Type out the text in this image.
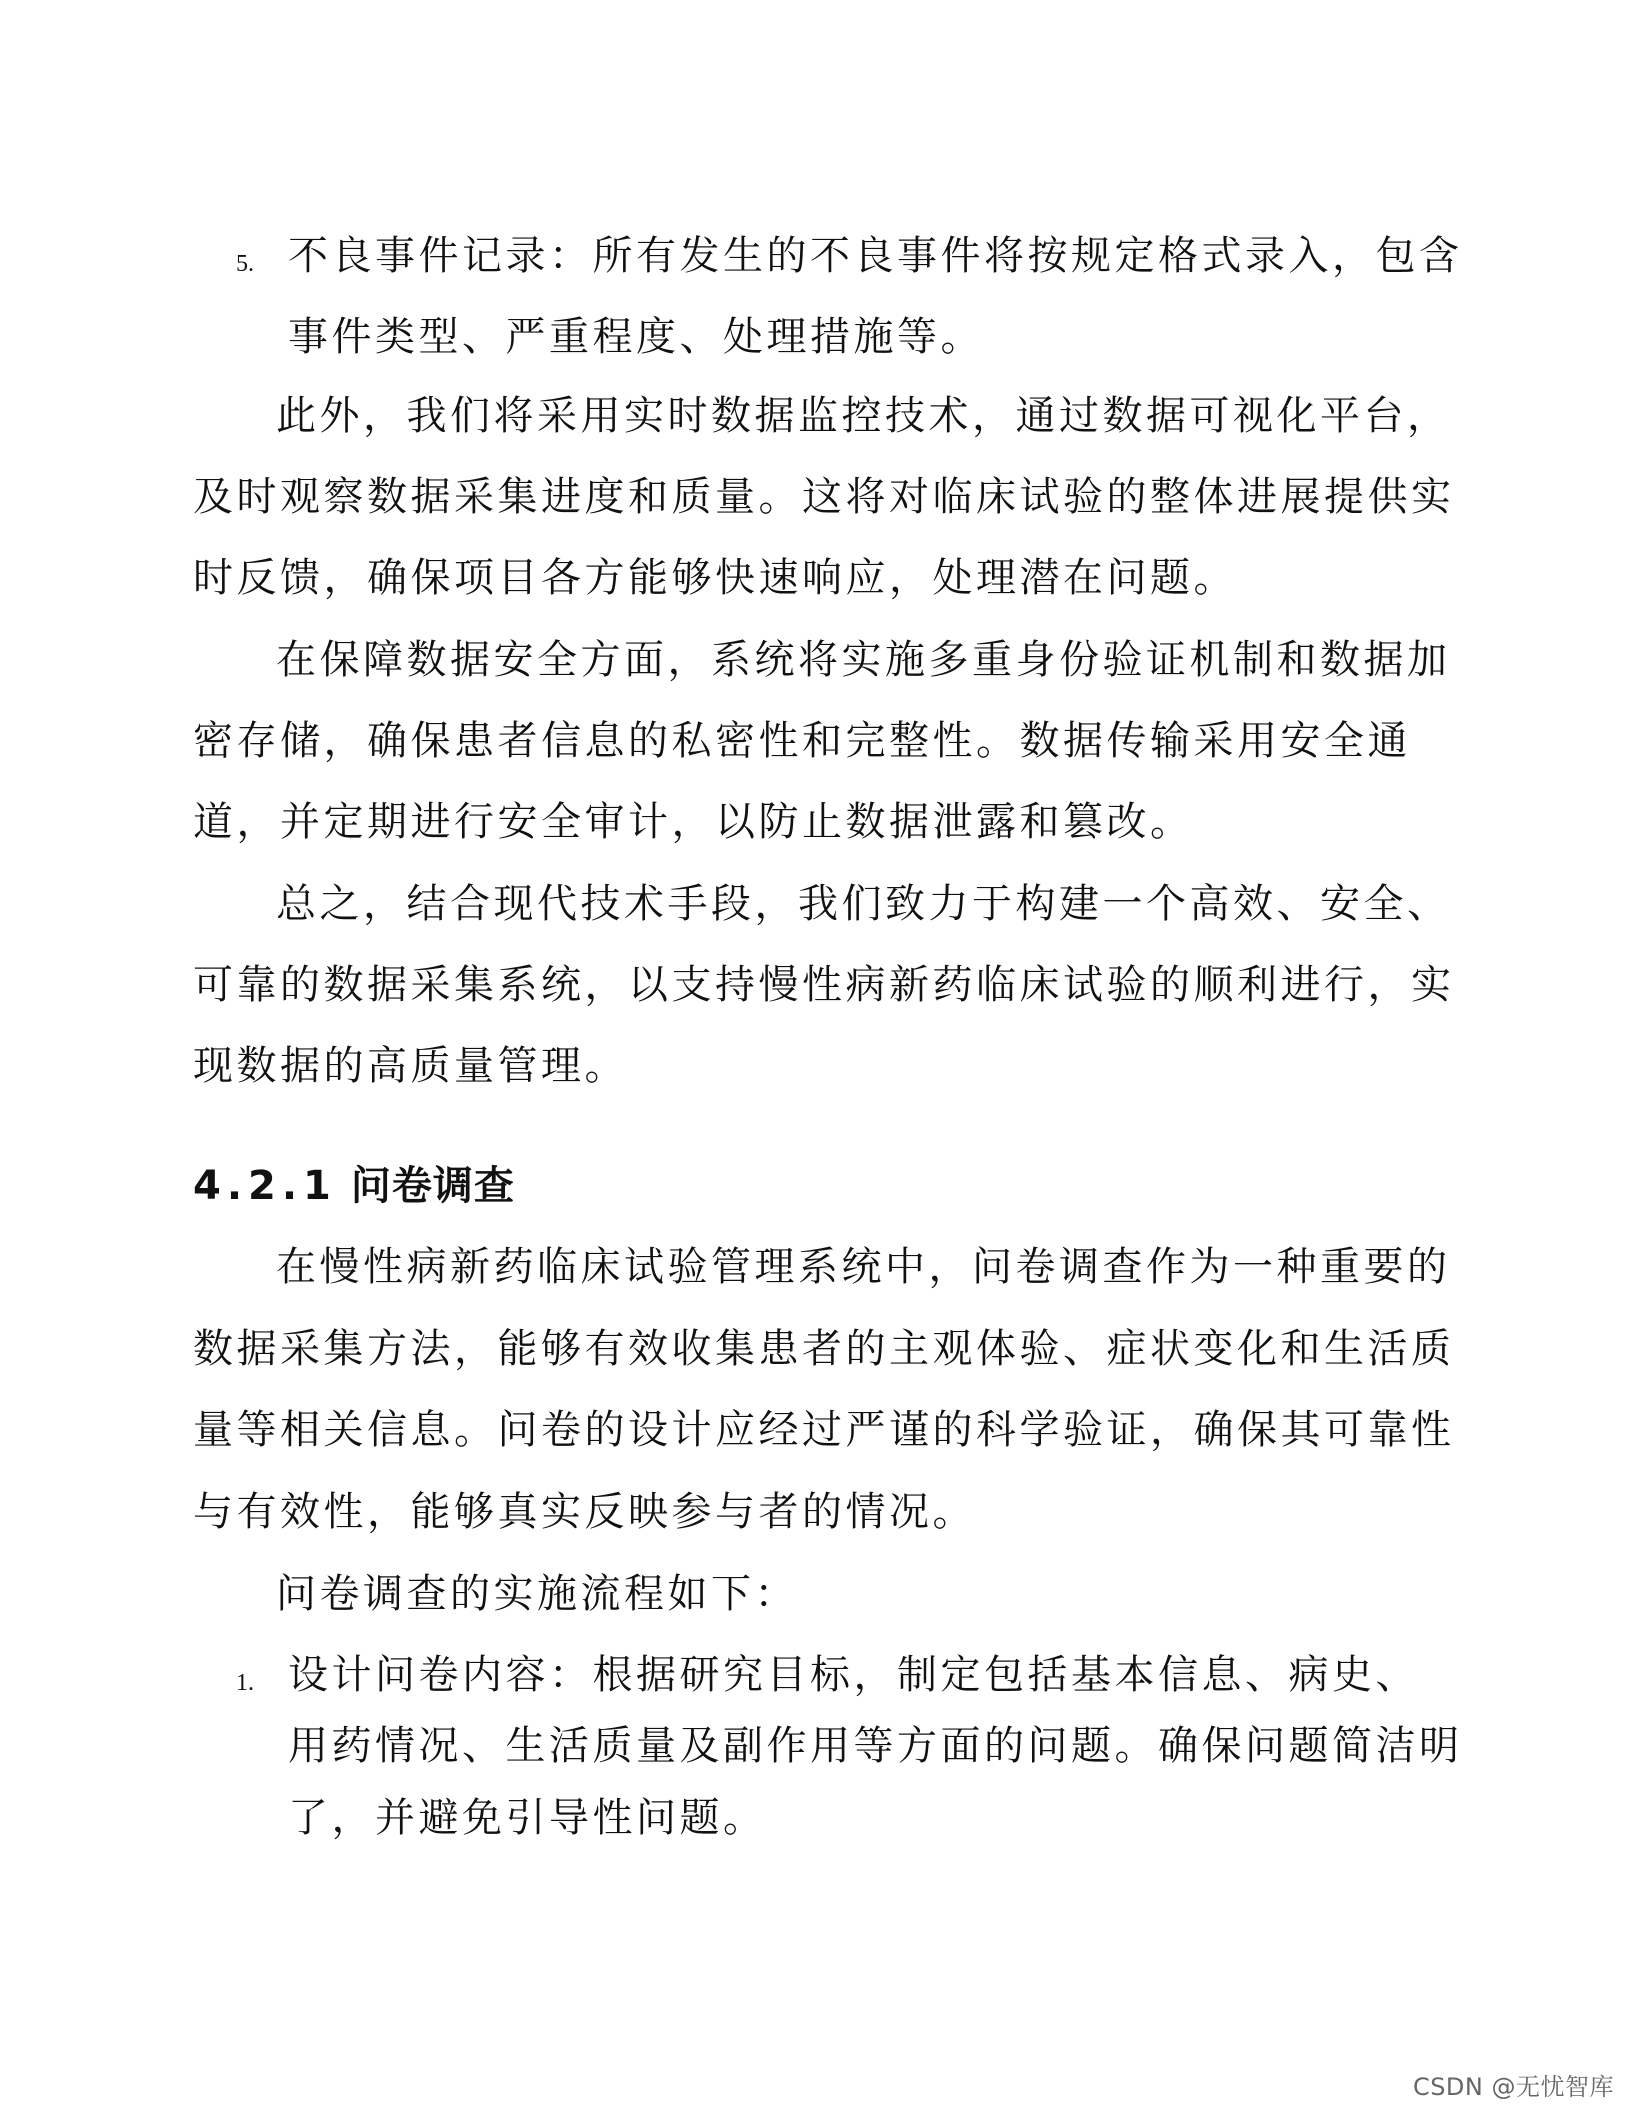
5. 不良事件记录：所有发生的不良事件将按规定格式录入，包含
事件类型、严重程度、处理措施等。
此外，我们将采用实时数据监控技术，通过数据可视化平台，
及时观察数据采集进度和质量。这将对临床试验的整体进展提供实
时反馈，确保项目各方能够快速响应，处理潜在问题。
在保障数据安全方面，系统将实施多重身份验证机制和数据加
密存储，确保患者信息的私密性和完整性。数据传输采用安全通
道，并定期进行安全审计，以防止数据泄露和篡改。
总之，结合现代技术手段，我们致力于构建一个高效、安全、
可靠的数据采集系统，以支持慢性病新药临床试验的顺利进行，实
现数据的高质量管理。
4.2.1 问卷调查
在慢性病新药临床试验管理系统中，问卷调查作为一种重要的
数据采集方法，能够有效收集患者的主观体验、症状变化和生活质
量等相关信息。问卷的设计应经过严谨的科学验证，确保其可靠性
与有效性，能够真实反映参与者的情况。
问卷调查的实施流程如下：
1. 设计问卷内容：根据研究目标，制定包括基本信息、病史、
用药情况、生活质量及副作用等方面的问题。确保问题简洁明
了，并避免引导性问题。
CSDN @无忧智库
